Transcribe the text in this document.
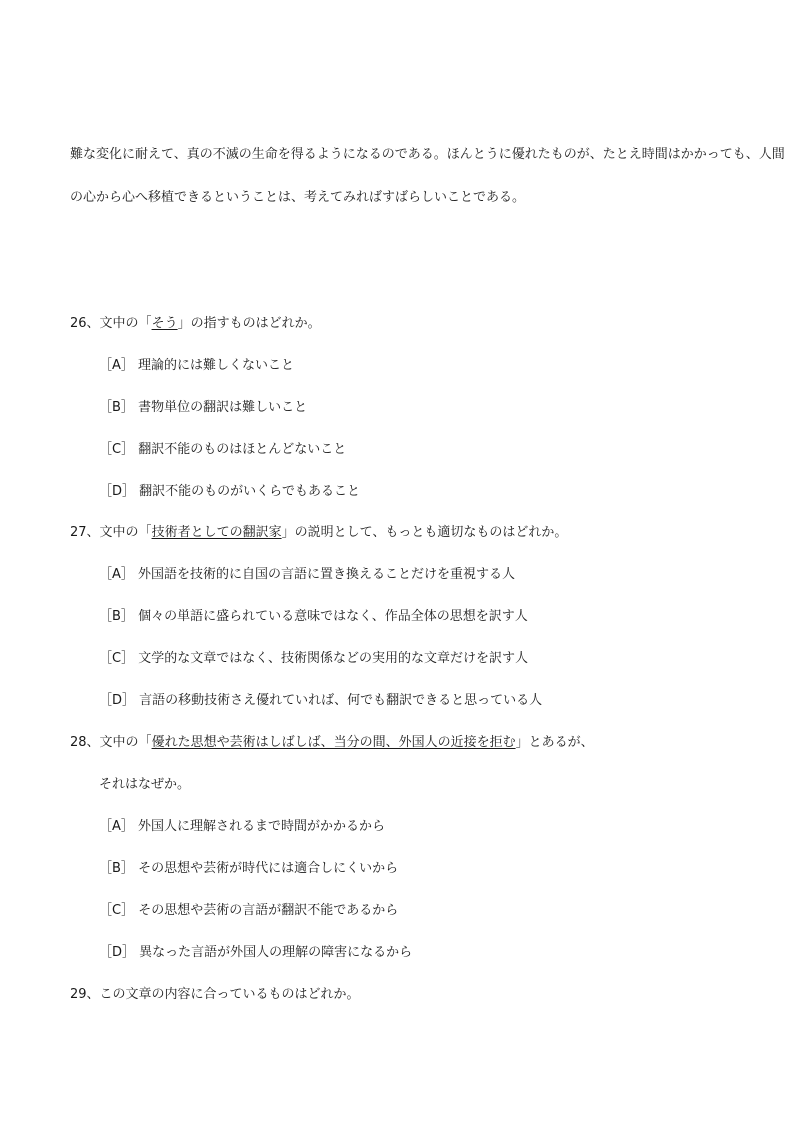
難な変化に耐えて、真の不滅の生命を得るようになるのである。ほんとうに優れたものが、たとえ時間はかかっても、人間
の心から心へ移植できるということは、考えてみればすばらしいことである。
26、文中の「そう」の指すものはどれか。
［A］ 理論的には難しくないこと
［B］ 書物単位の翻訳は難しいこと
［C］ 翻訳不能のものはほとんどないこと
［D］ 翻訳不能のものがいくらでもあること
27、文中の「技術者としての翻訳家」の説明として、もっとも適切なものはどれか。
［A］ 外国語を技術的に自国の言語に置き換えることだけを重視する人
［B］ 個々の単語に盛られている意味ではなく、作品全体の思想を訳す人
［C］ 文学的な文章ではなく、技術関係などの実用的な文章だけを訳す人
［D］ 言語の移動技術さえ優れていれば、何でも翻訳できると思っている人
28、文中の「優れた思想や芸術はしばしば、当分の間、外国人の近接を拒む」とあるが、
それはなぜか。
［A］ 外国人に理解されるまで時間がかかるから
［B］ その思想や芸術が時代には適合しにくいから
［C］ その思想や芸術の言語が翻訳不能であるから
［D］ 異なった言語が外国人の理解の障害になるから
29、この文章の内容に合っているものはどれか。
